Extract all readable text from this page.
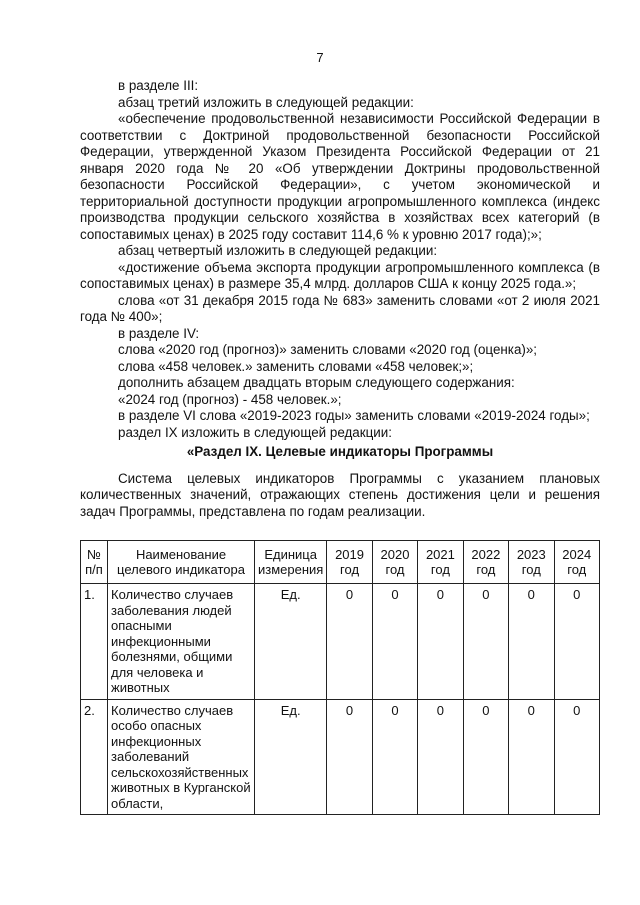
7

в разделе III:

абзац третий изложить в следующей редакции:

«обеспечение продовольственной независимости Российской Федерации в соответствии с Доктриной продовольственной безопасности Российской Федерации, утвержденной Указом Президента Российской Федерации от 21 января 2020 года № 20 «Об утверждении Доктрины продовольственной безопасности Российской Федерации», с учетом экономической и территориальной доступности продукции агропромышленного комплекса (индекс производства продукции сельского хозяйства в хозяйствах всех категорий (в сопоставимых ценах) в 2025 году составит 114,6 % к уровню 2017 года);»;

абзац четвертый изложить в следующей редакции:

«достижение объема экспорта продукции агропромышленного комплекса (в сопоставимых ценах) в размере 35,4 млрд. долларов США к концу 2025 года.»;

слова «от 31 декабря 2015 года № 683» заменить словами «от 2 июля 2021 года № 400»;

в разделе IV:

слова «2020 год (прогноз)» заменить словами «2020 год (оценка)»;

слова «458 человек.» заменить словами «458 человек;»;

дополнить абзацем двадцать вторым следующего содержания:

«2024 год (прогноз) - 458 человек.»;

в разделе VI слова «2019-2023 годы» заменить словами «2019-2024 годы»;

раздел IX изложить в следующей редакции:

«Раздел IX. Целевые индикаторы Программы

Система целевых индикаторов Программы с указанием плановых количественных значений, отражающих степень достижения цели и решения задач Программы, представлена по годам реализации.

№ п/п	Наименование целевого индикатора	Единица измерения	2019 год	2020 год	2021 год	2022 год	2023 год	2024 год
1.	Количество случаев заболевания людей опасными инфекционными болезнями, общими для человека и животных	Ед.	0	0	0	0	0	0
2.	Количество случаев особо опасных инфекционных заболеваний сельскохозяйственных животных в Курганской области,	Ед.	0	0	0	0	0	0
